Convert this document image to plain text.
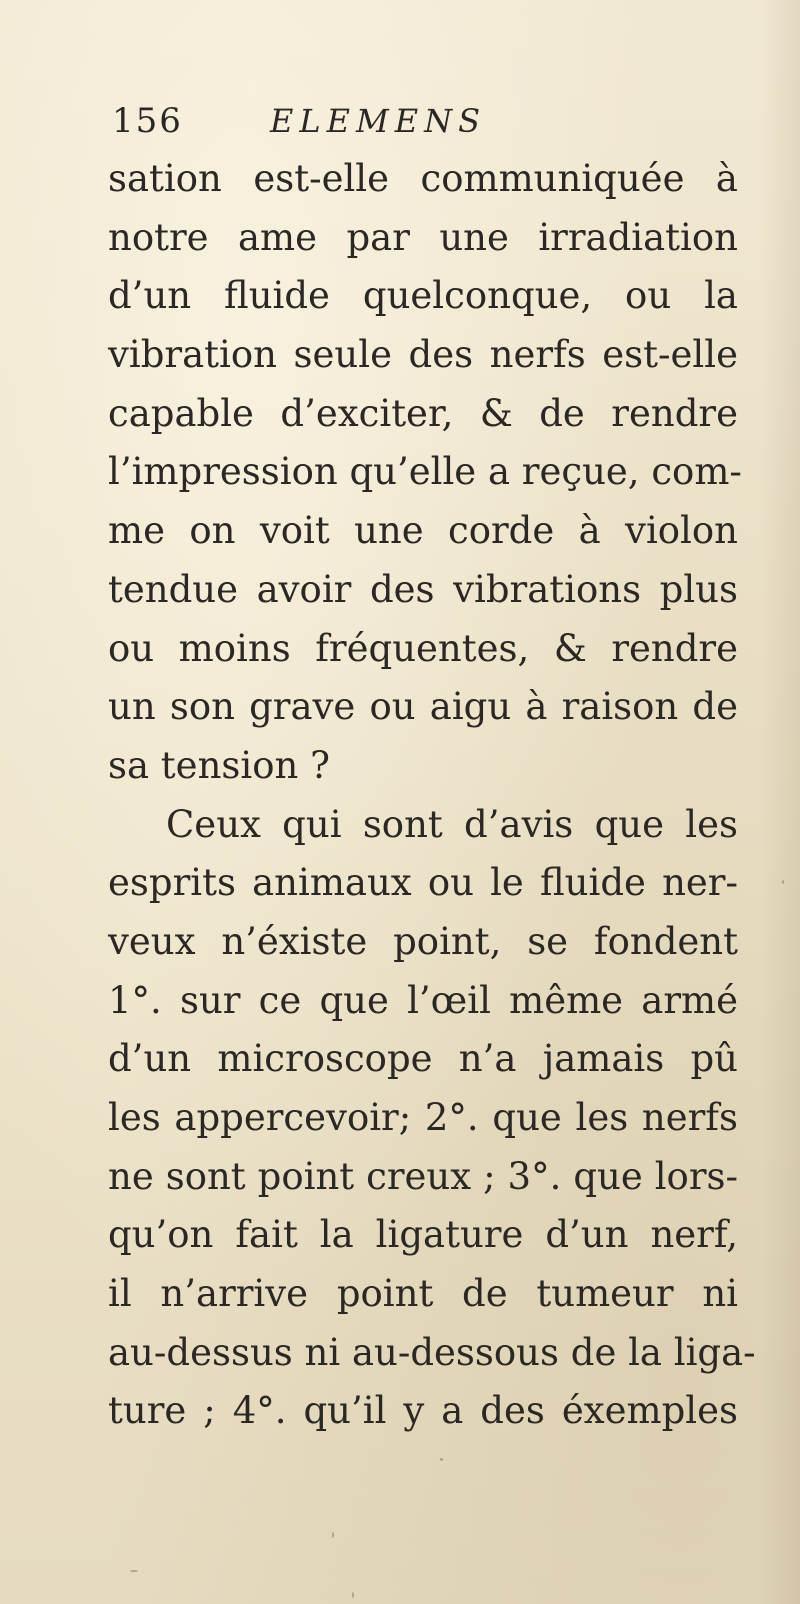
156	ELEMENS
sation est-elle communiquée à
notre ame par une irradiation
d’un fluide quelconque, ou la
vibration seule des nerfs est-elle
capable d’exciter, & de rendre
l’impression qu’elle a reçue, com-
me on voit une corde à violon
tendue avoir des vibrations plus
ou moins fréquentes, & rendre
un son grave ou aigu à raison de
sa tension ?
Ceux qui sont d’avis que les
esprits animaux ou le fluide ner-
veux n’éxiste point, se fondent
1°. sur ce que l’œil même armé
d’un microscope n’a jamais pû
les appercevoir; 2°. que les nerfs
ne sont point creux ; 3°. que lors-
qu’on fait la ligature d’un nerf,
il n’arrive point de tumeur ni
au-dessus ni au-dessous de la liga-
ture ; 4°. qu’il y a des éxemples
